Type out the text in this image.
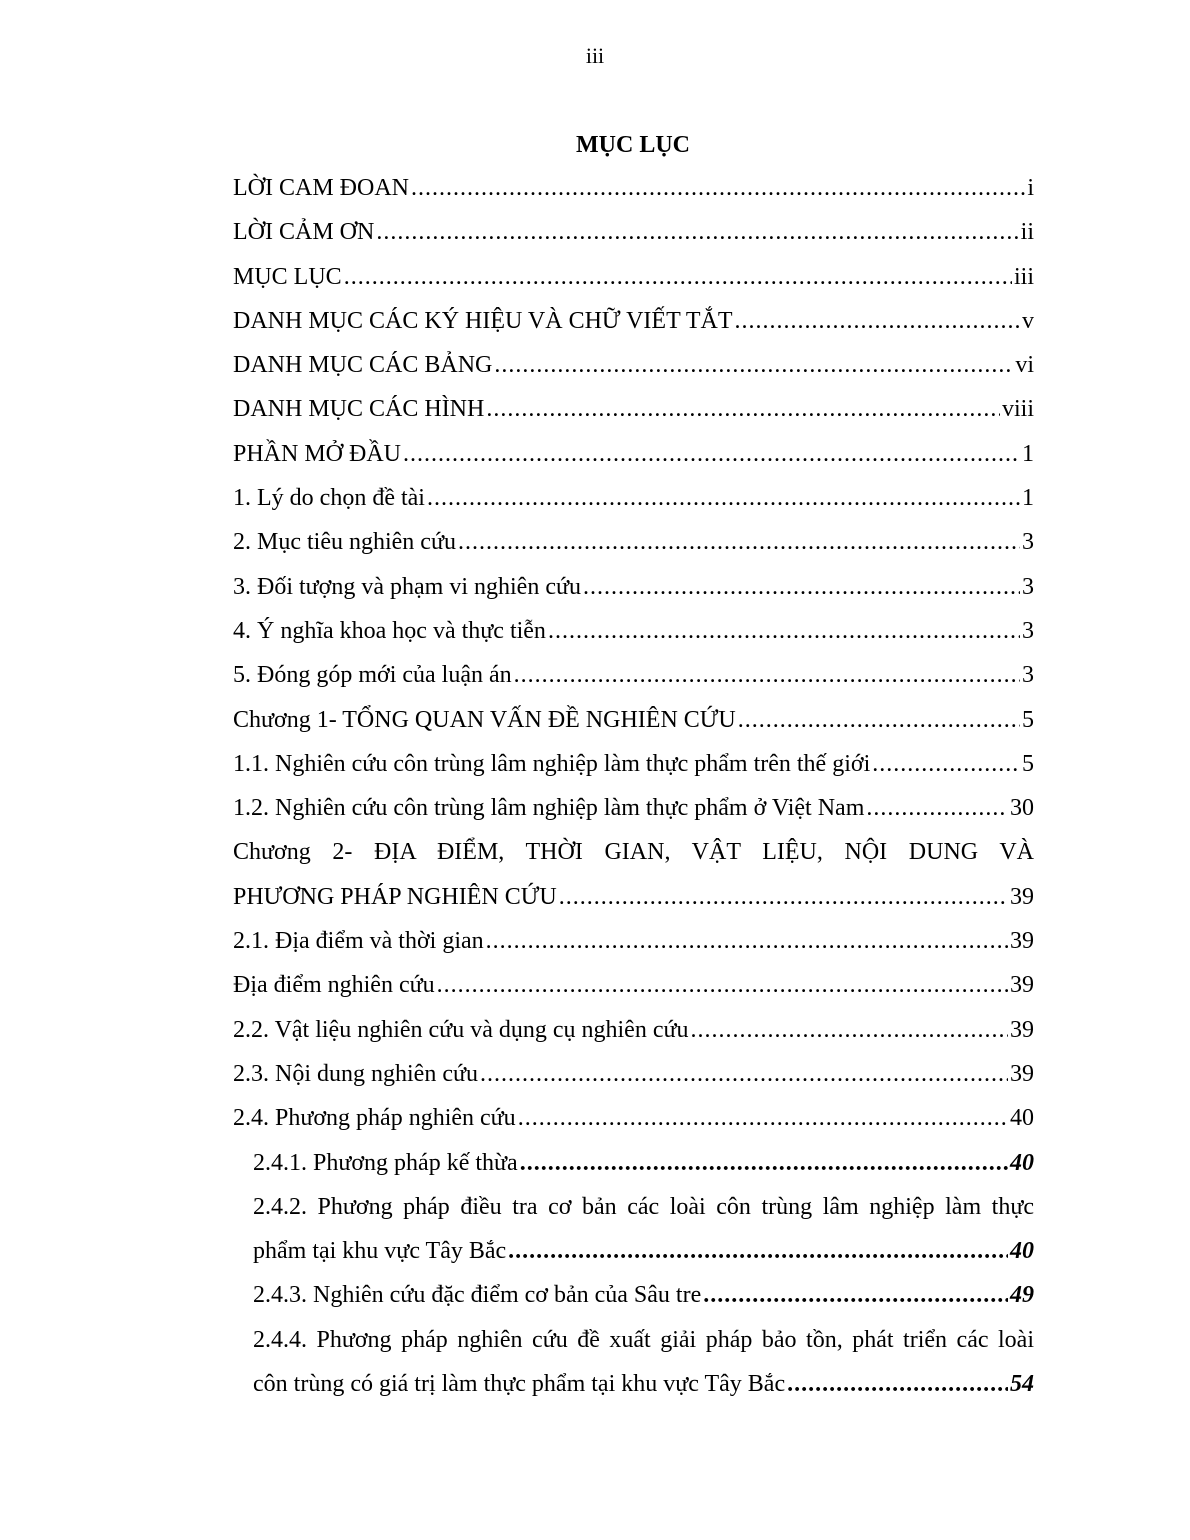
iii
MỤC LỤC
LỜI CAM ĐOAN .....	i
LỜI CẢM ƠN .....	ii
MỤC LỤC .....	iii
DANH MỤC CÁC KÝ HIỆU VÀ CHỮ VIẾT TẮT .....	v
DANH MỤC CÁC BẢNG .....	vi
DANH MỤC CÁC HÌNH .....	viii
PHẦN MỞ ĐẦU .....	1
1. Lý do chọn đề tài .....	1
2. Mục tiêu nghiên cứu .....	3
3. Đối tượng và phạm vi nghiên cứu .....	3
4. Ý nghĩa khoa học và thực tiễn .....	3
5. Đóng góp mới của luận án .....	3
Chương 1- TỔNG QUAN VẤN ĐỀ NGHIÊN CỨU .....	5
1.1. Nghiên cứu côn trùng lâm nghiệp làm thực phẩm trên thế giới .....	5
1.2. Nghiên cứu côn trùng lâm nghiệp làm thực phẩm ở Việt Nam .....	30
Chương 2- ĐỊA ĐIỂM, THỜI GIAN, VẬT LIỆU, NỘI DUNG VÀ
PHƯƠNG PHÁP NGHIÊN CỨU .....	39
2.1. Địa điểm và thời gian .....	39
Địa điểm nghiên cứu .....	39
2.2. Vật liệu nghiên cứu và dụng cụ nghiên cứu .....	39
2.3. Nội dung nghiên cứu .....	39
2.4. Phương pháp nghiên cứu .....	40
2.4.1. Phương pháp kế thừa .....	40
2.4.2. Phương pháp điều tra cơ bản các loài côn trùng lâm nghiệp làm thực
phẩm tại khu vực Tây Bắc .....	40
2.4.3. Nghiên cứu đặc điểm cơ bản của Sâu tre .....	49
2.4.4. Phương pháp nghiên cứu đề xuất giải pháp bảo tồn, phát triển các loài
côn trùng có giá trị làm thực phẩm tại khu vực Tây Bắc .....	54
